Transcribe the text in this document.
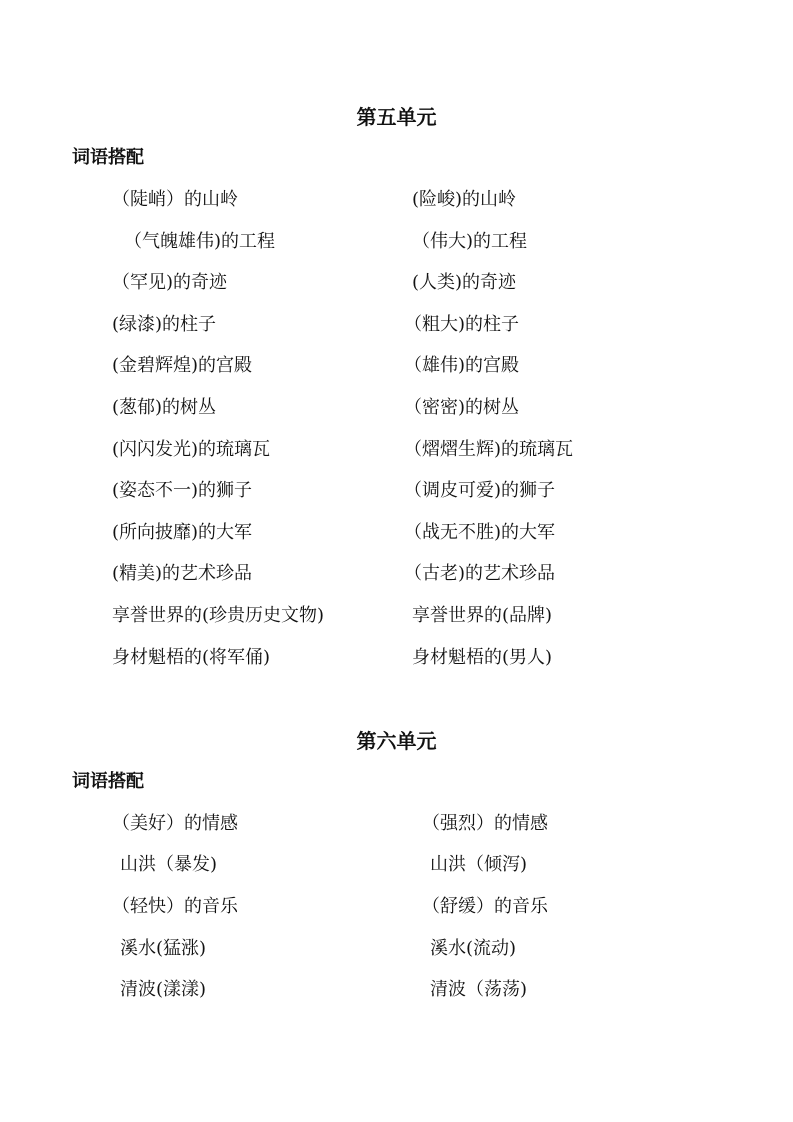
第五单元
词语搭配
（陡峭）的山岭	(险峻)的山岭
（气魄雄伟)的工程	（伟大)的工程
（罕见)的奇迹	(人类)的奇迹
(绿漆)的柱子	（粗大)的柱子
(金碧辉煌)的宫殿	（雄伟)的宫殿
(葱郁)的树丛	（密密)的树丛
(闪闪发光)的琉璃瓦	（熠熠生辉)的琉璃瓦
(姿态不一)的狮子	（调皮可爱)的狮子
(所向披靡)的大军	（战无不胜)的大军
(精美)的艺术珍品	（古老)的艺术珍品
享誉世界的(珍贵历史文物)	享誉世界的(品牌)
身材魁梧的(将军俑)	身材魁梧的(男人)
第六单元
词语搭配
（美好）的情感	（强烈）的情感
山洪（暴发)	山洪（倾泻)
（轻快）的音乐	（舒缓）的音乐
溪水(猛涨)	溪水(流动)
清波(漾漾)	清波（荡荡)
